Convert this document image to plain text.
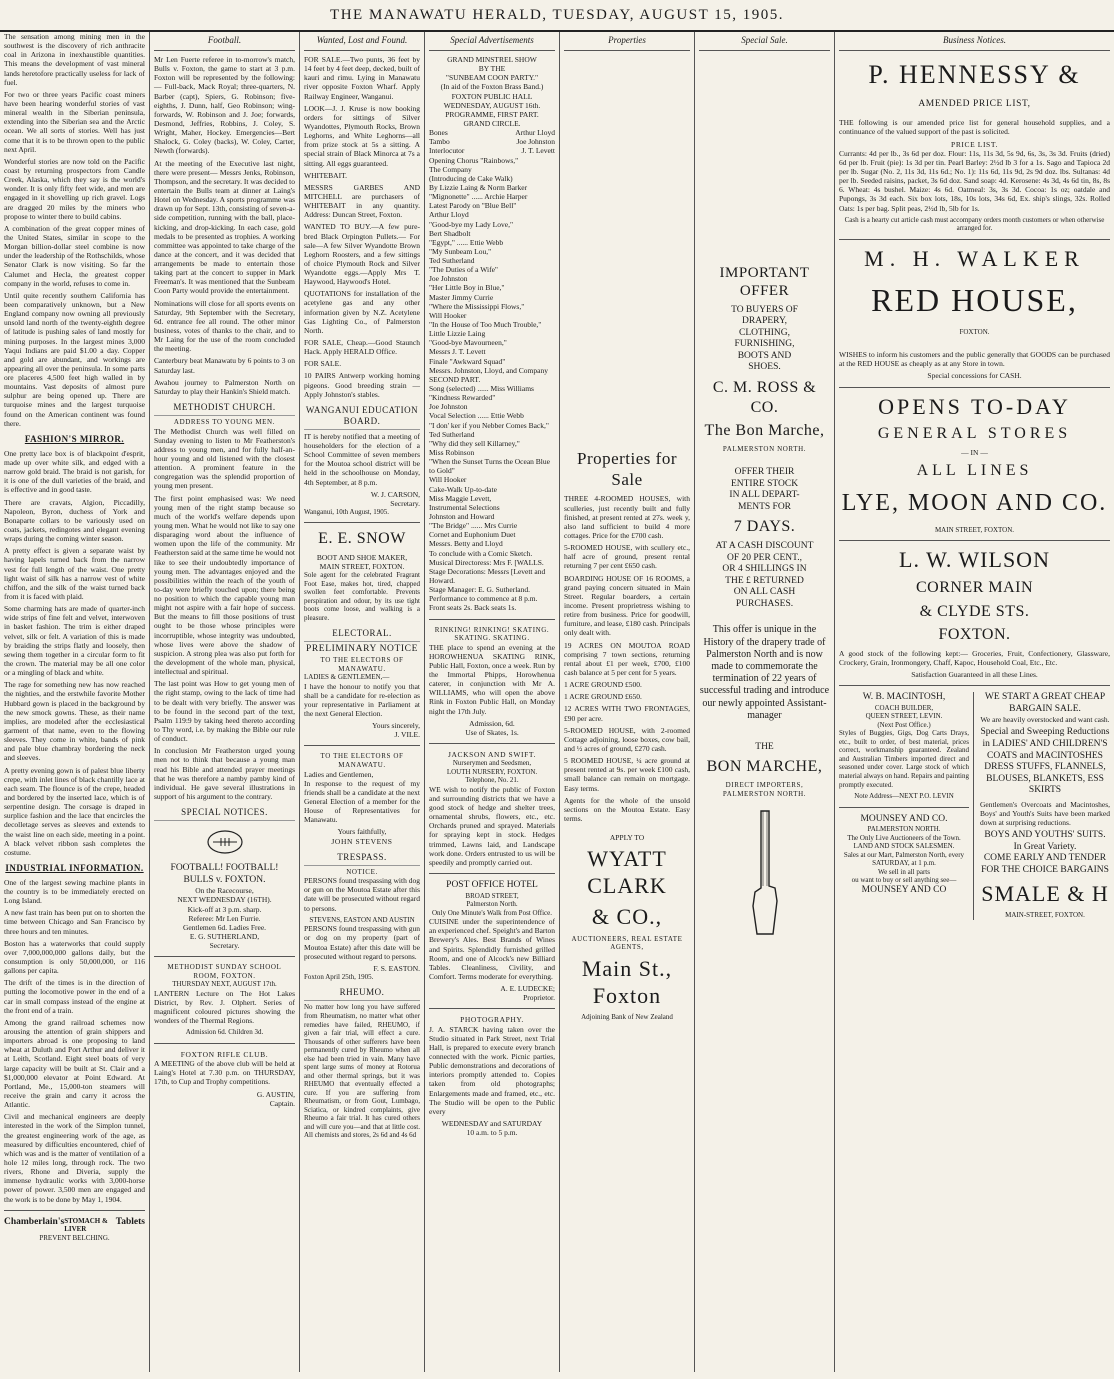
THE MANAWATU HERALD, TUESDAY, AUGUST 15, 1905.

The sensation among mining men in the southwest is the discovery of rich anthracite coal in Arizona in inexhaustible quantities. This means the development of vast mineral lands heretofore practically useless for lack of fuel.

For two or three years Pacific coast miners have been hearing wonderful stories of vast mineral wealth in the Siberian peninsula, extending into the Siberian sea and the Arctic ocean. We all sorts of stories. Well has just come that it is to be thrown open to the public next April.

Wonderful stories are now told on the Pacific coast by returning prospectors from Candle Creek, Alaska, which they say is the world's wonder. It is only fifty feet wide, and men are engaged in it shovelling up rich gravel. Logs are dragged 20 miles by the miners who propose to winter there to build cabins.

A combination of the great copper mines of the United States, similar in scope to the Morgan billion-dollar steel combine is now under the leadership of the Rothschilds, whose Senator Clark is now visiting. So far the Calumet and Hecla, the greatest copper company in the world, refuses to come in.

Until quite recently southern California has been comparatively unknown, but a New England company now owning all previously unsold land north of the twenty-eighth degree of latitude is pushing sales of land mostly for mining purposes. In the largest mines 3,000 Yaqui Indians are paid $1.00 a day. Copper and gold are abundant, and workings are appearing all over the peninsula. In some parts ore placeres 4,500 feet high walled in by mountains. Vast deposits of almost pure sulphur are being opened up. There are turquoise mines and the largest turquoise found on the American continent was found there.

FASHION'S MIRROR.

One pretty lace box is of blackpoint d'esprit, made up over white silk, and edged with a narrow gold braid. The braid is not garish, for it is one of the dull varieties of the braid, and is effective and in good taste.

There are cravats, Algion, Piccadilly, Napoleon, Byron, duchess of York and Bonaparte collars to be variously used on coats, jackets, redingotes and elegant evening wraps during the coming winter season.

A pretty effect is given a separate waist by having lapels turned back from the narrow vest for full length of the waist. One pretty light waist of silk has a narrow vest of white chiffon, and the silk of the waist turned back from it is faced with plaid.

Some charming hats are made of quarter-inch wide strips of fine felt and velvet, interwoven in basket fashion. The trim is either draped velvet, silk or felt. A variation of this is made by braiding the strips flatly and loosely, then sewing them together in a circular form to fit the crown. The material may be all one color or a mingling of black and white.

The rage for something new has now reached the nighties, and the erstwhile favorite Mother Hubbard gown is placed in the background by the new smock gowns. These, as their name implies, are modeled after the ecclesiastical garment of that name, even to the flowing sleeves. They come in white, bands of pink and pale blue chambray bordering the neck and sleeves.

A pretty evening gown is of palest blue liberty crepe, with inlet lines of black chantilly lace at each seam. The flounce is of the crepe, headed and bordered by the inserted lace, which is of serpentine design. The corsage is draped in surplice fashion and the lace that encircles the decolletage serves as sleeves and extends to the waist line on each side, meeting in a point. A black velvet ribbon sash completes the costume.

INDUSTRIAL INFORMATION.

One of the largest sewing machine plants in the country is to be immediately erected on Long Island.

A new fast train has been put on to shorten the time between Chicago and San Francisco by three hours and ten minutes.

Boston has a waterworks that could supply over 7,000,000,000 gallons daily, but the consumption is only 50,000,000, or 116 gallons per capita.

The drift of the times is in the direction of putting the locomotive power in the end of a car in small compass instead of the engine at the front end of a train.

Among the grand railroad schemes now arousing the attention of grain shippers and importers abroad is one proposing to land wheat at Duluth and Port Arthur and deliver it at Leith, Scotland. Eight steel boats of very large capacity will be built at St. Clair and a $1,000,000 elevator at Point Edward. At Portland, Me., 15,000-ton steamers will receive the grain and carry it across the Atlantic.

Civil and mechanical engineers are deeply interested in the work of the Simplon tunnel, the greatest engineering work of the age, as measured by difficulties encountered, chief of which was and is the matter of ventilation of a hole 12 miles long, through rock. The two rivers, Rhone and Diveria, supply the immense hydraulic works with 3,000-horse power of power. 3,500 men are engaged and the work is to be done by May 1, 1904.

Chamberlain's STOMACH & LIVER
Tablets
PREVENT BELCHING.
Football.

Mr Len Fuerte referee in to-morrow's match, Bulls v. Foxton, the game to start at 3 p.m. Foxton will be represented by the following:— Full-back, Mack Royal; three-quarters, N. Barber (capt), Spiers, G. Robinson; five-eighths, J. Dunn, half, Geo Robinson; wing-forwards, W. Robinson and J. Joe; forwards, Desmond, Jeffries, Robbins, J. Coley, S. Wright, Maher, Hockey. Emergencies—Bert Shalock, G. Coley (backs), W. Coley, Carter, Newth (forwards).

At the meeting of the Executive last night, there were present— Messrs Jenks, Robinson, Thompson, and the secretary. It was decided to entertain the Bulls team at dinner at Laing's Hotel on Wednesday. A sports programme was drawn up for Sept. 13th, consisting of seven-a-side competition, running with the ball, place-kicking, and drop-kicking. In each case, gold medals to be presented as trophies. A working committee was appointed to take charge of the dance at the concert, and it was decided that arrangements be made to entertain those taking part at the concert to supper in Mark Freeman's. It was mentioned that the Sunbeam Coon Party would provide the entertainment.

Nominations will close for all sports events on Saturday, 9th September with the Secretary, 6d. entrance fee all round. The other minor business, votes of thanks to the chair, and to Mr Laing for the use of the room concluded the meeting.

Canterbury beat Manawatu by 6 points to 3 on Saturday last.

Awahou journey to Palmerston North on Saturday to play their Hankin's Shield match.

METHODIST CHURCH.
ADDRESS TO YOUNG MEN.

The Methodist Church was well filled on Sunday evening to listen to Mr Featherston's address to young men, and for fully half-an-hour young and old listened with the closest attention. A prominent feature in the congregation was the splendid proportion of young men present.

The first point emphasised was: We need young men of the right stamp because so much of the world's welfare depends upon young men. What he would not like to say one disparaging word about the influence of women upon the life of the community. Mr Featherston said at the same time he would not like to see their undoubtedly importance of young men. The advantages enjoyed and the possibilities within the reach of the youth of to-day were briefly touched upon; there being no position to which the capable young man might not aspire with a fair hope of success. But the means to fill those positions of trust ought to be those whose principles were incorruptible, whose integrity was undoubted, whose lives were above the shadow of suspicion. A strong plea was also put forth for the development of the whole man, physical, intellectual and spiritual.

The last point was How to get young men of the right stamp, owing to the lack of time had to be dealt with very briefly. The answer was to be found in the second part of the text, Psalm 119:9 by taking heed thereto according to Thy word, i.e. by making the Bible our rule of conduct.

In conclusion Mr Featherston urged young men not to think that because a young man read his Bible and attended prayer meetings that he was therefore a namby pamby kind of individual. He gave several illustrations in support of his argument to the contrary.

SPECIAL NOTICES.
FOOTBALL! FOOTBALL!
BULLS v. FOXTON.
On the Racecourse,
NEXT WEDNESDAY (16TH).
Kick-off at 3 p.m. sharp.
Referee: Mr Len Furrie.
Gentlemen 6d. Ladies Free.
E. G. SUTHERLAND,
Secretary.
METHODIST SUNDAY SCHOOL ROOM, FOXTON.
THURSDAY NEXT, AUGUST 17th.

LANTERN Lecture on The Hot Lakes District, by Rev. J. Olphert. Series of magnificent coloured pictures showing the wonders of the Thermal Regions.

Admission 6d. Children 3d.
FOXTON RIFLE CLUB.

A MEETING of the above club will be held at Laing's Hotel at 7.30 p.m. on THURSDAY, 17th, to Cup and Trophy competitions.

G. AUSTIN,
Captain.
Wanted, Lost and Found.

FOR SALE.—Two punts, 36 feet by 14 feet by 4 feet deep, decked, built of kauri and rimu. Lying in Manawatu river opposite Foxton Wharf. Apply Railway Engineer, Wanganui.

LOOK—J. J. Kruse is now booking orders for sittings of Silver Wyandottes, Plymouth Rocks, Brown Leghorns, and White Leghorns—all from prize stock at 5s a sitting. A special strain of Black Minorca at 7s a sitting. All eggs guaranteed.

WHITEBAIT.

MESSRS GARBES AND MITCHELL are purchasers of WHITEBAIT in any quantity. Address: Duncan Street, Foxton.

WANTED TO BUY.—A few pure-bred Black Orpington Pullets.— For sale—A few Silver Wyandotte Brown Leghorn Roosters, and a few sittings of choice Plymouth Rock and Silver Wyandotte eggs.—Apply Mrs T. Haywood, Haywood's Hotel.

QUOTATIONS for installation of the acetylene gas and any other information given by N.Z. Acetylene Gas Lighting Co., of Palmerston North.

FOR SALE, Cheap.—Good Staunch Hack. Apply HERALD Office.

FOR SALE.

10 PAIRS Antwerp working homing pigeons. Good breeding strain — Apply Johnston's stables.

WANGANUI EDUCATION BOARD.

IT is hereby notified that a meeting of householders for the election of a School Committee of seven members for the Moutoa school district will be held in the schoolhouse on Monday, 4th September, at 8 p.m.

W. J. CARSON,
Secretary.
Wanganui, 10th August, 1905.
E. E. SNOW
BOOT AND SHOE MAKER,
MAIN STREET, FOXTON.

Sole agent for the celebrated Fragrant Foot Ease, makes hot, tired, chapped swollen feet comfortable. Prevents perspiration and odour, by its use tight boots come loose, and walking is a pleasure.

ELECTORAL.
PRELIMINARY NOTICE
TO THE ELECTORS OF MANAWATU.
LADIES & GENTLEMEN,—

I have the honour to notify you that shall be a candidate for re-election as your representative in Parliament at the next General Election.

Yours sincerely,
J. VILE.
TO THE ELECTORS OF MANAWATU.
Ladies and Gentlemen,

In response to the request of my friends shall be a candidate at the next General Election of a member for the House of Representatives for Manawatu.

Yours faithfully,
JOHN STEVENS
TRESPASS.
NOTICE.

PERSONS found trespassing with dog or gun on the Moutoa Estate after this date will be prosecuted without regard to persons.

STEVENS, EASTON AND AUSTIN

PERSONS found trespassing with gun or dog on my property (part of Moutoa Estate) after this date will be prosecuted without regard to persons.

F. S. EASTON.
Foxton April 25th, 1905.
RHEUMO.

No matter how long you have suffered from Rheumatism, no matter what other remedies have failed, RHEUMO, if given a fair trial, will effect a cure. Thousands of other sufferers have been permanently cured by Rheumo when all else had been tried in vain. Many have spent large sums of money at Rotorua and other thermal springs, but it was RHEUMO that eventually effected a cure. If you are suffering from Rheumatism, or from Gout, Lumbago, Sciatica, or kindred complaints, give Rheumo a fair trial. It has cured others and will cure you—and that at little cost. All chemists and stores, 2s 6d and 4s 6d

Special Advertisements
GRAND MINSTREL SHOW
BY THE
"SUNBEAM COON PARTY."
(In aid of the Foxton Brass Band.)
FOXTON PUBLIC HALL
WEDNESDAY, AUGUST 16th.
PROGRAMME, FIRST PART.
GRAND CIRCLE.
Bones	Arthur Lloyd
Tambo	Joe Johnston
Interlocutor	J. T. Levett
Opening Chorus "Rainbows,"
The Company
(Introducing de Cake Walk)
By Lizzie Laing & Norm Barker
"Mignonette" ...... Archie Harper
Latest Parody on "Blue Bell"
Arthur Lloyd
"Good-bye my Lady Love,"
Bert Shadbolt
"Egypt," ...... Ettie Webb
"My Sunbeam Lou,"
Ted Sutherland
"The Duties of a Wife"
Joe Johnston
"Her Little Boy in Blue,"
Master Jimmy Currie
"Where the Mississippi Flows,"
Will Hooker
"In the House of Too Much Trouble," Little Lizzie Laing
"Good-bye Mavourneen,"
Messrs J. T. Levett
Finale "Awkward Squad"
Messrs. Johnston, Lloyd, and Company
SECOND PART.
Song (selected) ...... Miss Williams
"Kindness Rewarded"
Joe Johnston
Vocal Selection ...... Ettie Webb
"I don' ker if you Nebber Comes Back," Ted Sutherland
"Why did they sell Killarney,"
Miss Robinson
"When the Sunset Turns the Ocean Blue to Gold"
Will Hooker
Cake-Walk Up-to-date
Miss Maggie Levett,
Instrumental Selections
Johnston and Howard
"The Bridge" ...... Mrs Currie
Cornet and Euphonium Duet
Messrs. Betty and Lloyd
To conclude with a Comic Sketch.
Musical Directoress: Mrs F. [WALLS.
Stage Decorations: Messrs [Levett and Howard.
Stage Manager: E. G. Sutherland.
Performance to commence at 8 p.m.
Front seats 2s. Back seats 1s.
RINKING! RINKING! SKATING. SKATING. SKATING.

THE place to spend an evening at the HOROWHENUA SKATING RINK, Public Hall, Foxton, once a week. Run by the Immortal Phipps, Horowhenua caterer, in conjunction with Mr A. WILLIAMS, who will open the above Rink in Foxton Public Hall, on Monday night the 17th July.

Admission, 6d.
Use of Skates, 1s.
JACKSON AND SWIFT.
Nurserymen and Seedsmen,
LOUTH NURSERY, FOXTON.
Telephone, No. 21.

WE wish to notify the public of Foxton and surrounding districts that we have a good stock of hedge and shelter trees, ornamental shrubs, flowers, etc., etc. Orchards pruned and sprayed. Materials for spraying kept in stock. Hedges trimmed, Lawns laid, and Landscape work done. Orders entrusted to us will be speedily and promptly carried out.

POST OFFICE HOTEL
BROAD STREET,
Palmerston North.
Only One Minute's Walk from Post Office.

CUISINE under the superintendence of an experienced chef. Speight's and Barton Brewery's Ales. Best Brands of Wines and Spirits. Splendidly furnished grilled Room, and one of Alcock's new Billiard Tables. Cleanliness, Civility, and Comfort. Terms moderate for everything.

A. E. LUDECKE;
Proprietor.
PHOTOGRAPHY.

J. A. STARCK having taken over the Studio situated in Park Street, next Trial Hall, is prepared to execute every branch connected with the work. Picnic parties, Public demonstrations and decorations of interiors promptly attended to. Copies taken from old photographs; Enlargements made and framed, etc., etc. The Studio will be open to the Public every

WEDNESDAY and SATURDAY
10 a.m. to 5 p.m.
Properties
Properties for Sale

THREE 4-ROOMED HOUSES, with sculleries, just recently built and fully finished, at present rented at 27s. week y, also land sufficient to build 4 more cottages. Price for the £700 cash.

5-ROOMED HOUSE, with scullery etc., half acre of ground, present rental returning 7 per cent £650 cash.

BOARDING HOUSE OF 16 ROOMS, a grand paying concern situated in Main Street. Regular boarders, a certain income. Present proprietress wishing to retire from business. Price for goodwill, furniture, and lease, £180 cash. Principals only dealt with.

19 ACRES ON MOUTOA ROAD comprising 7 town sections, returning rental about £1 per week, £700, £100 cash balance at 5 per cent for 5 years.

1 ACRE GROUND £500.

1 ACRE GROUND £650.

12 ACRES WITH TWO FRONTAGES, £90 per acre.

5-ROOMED HOUSE, with 2-roomed Cottage adjoining, loose boxes, cow bail, and ½ acres of ground, £270 cash.

5 ROOMED HOUSE, ¼ acre ground at present rented at 9s. per week £100 cash, small balance can remain on mortgage. Easy terms.

Agents for the whole of the unsold sections on the Moutoa Estate. Easy terms.

APPLY TO
WYATT CLARK
& CO.,
AUCTIONEERS, REAL ESTATE AGENTS,
Main St., Foxton
Adjoining Bank of New Zealand
Special Sale.
IMPORTANT OFFER
TO BUYERS OF
DRAPERY,
CLOTHING,
FURNISHING,
BOOTS AND
SHOES.
C. M. ROSS & CO.
The Bon Marche,
PALMERSTON NORTH.
OFFER THEIR
ENTIRE STOCK
IN ALL DEPART-
MENTS FOR
7 DAYS.
AT A CASH DISCOUNT
OF 20 PER CENT.,
OR 4 SHILLINGS IN
THE £ RETURNED
ON ALL CASH
PURCHASES.

This offer is unique in the History of the drapery trade of Palmerston North and is now made to commemorate the termination of 22 years of successful trading and introduce our newly appointed Assistant-manager

THE
BON MARCHE,
DIRECT IMPORTERS,
PALMERSTON NORTH.
Business Notices.
P. HENNESSY &
AMENDED PRICE LIST,

THE following is our amended price list for general household supplies, and a continuance of the valued support of the past is solicited.

PRICE LIST.

Currants: 4d per lb., 3s 6d per doz. Flour: 11s, 11s 3d, 5s 9d, 6s, 3s, 3s 3d. Fruits (dried) 6d per lb. Fruit (pie): 1s 3d per tin. Pearl Barley: 2½d lb 3 for a 1s. Sago and Tapioca 2d per lb. Sugar (No. 2, 11s 3d, 11s 6d.; No. 1): 11s 6d, 11s 9d, 2s 9d doz. lbs. Sultanas: 4d per lb. Seeded raisins, packet, 3s 6d doz. Sand soap: 4d. Kerosene: 4s 3d, 4s 6d tin, 8s, 8s 6. Wheat: 4s bushel. Maize: 4s 6d. Oatmeal: 3s, 3s 3d. Cocoa: 1s oz; oatdale and Pupongs, 3s 3d each. Six box lots, 18s, 10s lots, 34s 6d, Ex. ship's slings, 32s. Rolled Oats: 1s per bag. Split peas, 2½d lb, 5lb for 1s.

Cash is a hearty cut article cash must accompany orders month customers or when otherwise arranged for.

M. H. WALKER
RED HOUSE,
FOXTON.

WISHES to inform his customers and the public generally that GOODS can be purchased at the RED HOUSE as cheaply as at any Store in town.

Special concessions for CASH.
OPENS TO-DAY
GENERAL STORES
— IN —
ALL LINES
LYE, MOON AND CO.
MAIN STREET, FOXTON.
L. W. WILSON
CORNER MAIN
& CLYDE STS.
FOXTON.

A good stock of the following kept:— Groceries, Fruit, Confectionery, Glassware, Crockery, Grain, Ironmongery, Chaff, Kapoc, Household Coal, Etc., Etc.

Satisfaction Guaranteed in all these Lines.
W. B. MACINTOSH,
COACH BUILDER,
QUEEN STREET, LEVIN.
(Next Post Office.)

Styles of Buggies, Gigs, Dog Carts Drays, etc., built to order, of best material, prices correct, workmanship guaranteed. Zealand and Australian Timbers imported direct and seasoned under cover. Large stock of which material always on hand. Repairs and painting promptly executed.

Note Address—NEXT P.O. LEVIN
MOUNSEY AND CO.
PALMERSTON NORTH.
The Only Live Auctioneers of the Town.
LAND AND STOCK SALESMEN.
Sales at our Mart, Palmerston North, every
SATURDAY, at 1 p.m.
We sell in all parts
ou want to buy or sell anything see—
MOUNSEY AND CO
WE START A GREAT CHEAP
BARGAIN SALE.

We are heavily overstocked and want cash.

Special and Sweeping Reductions in LADIES' AND CHILDREN'S COATS and MACINTOSHES DRESS STUFFS, FLANNELS, BLOUSES, BLANKETS, ESS SKIRTS

Gentlemen's Overcoats and Macintoshes, Boys' and Youth's Suits have been marked down at surprising reductions.

BOYS AND YOUTHS' SUITS.
In Great Variety.
COME EARLY AND TENDER
FOR THE CHOICE BARGAINS
SMALE & H
MAIN-STREET, FOXTON.
